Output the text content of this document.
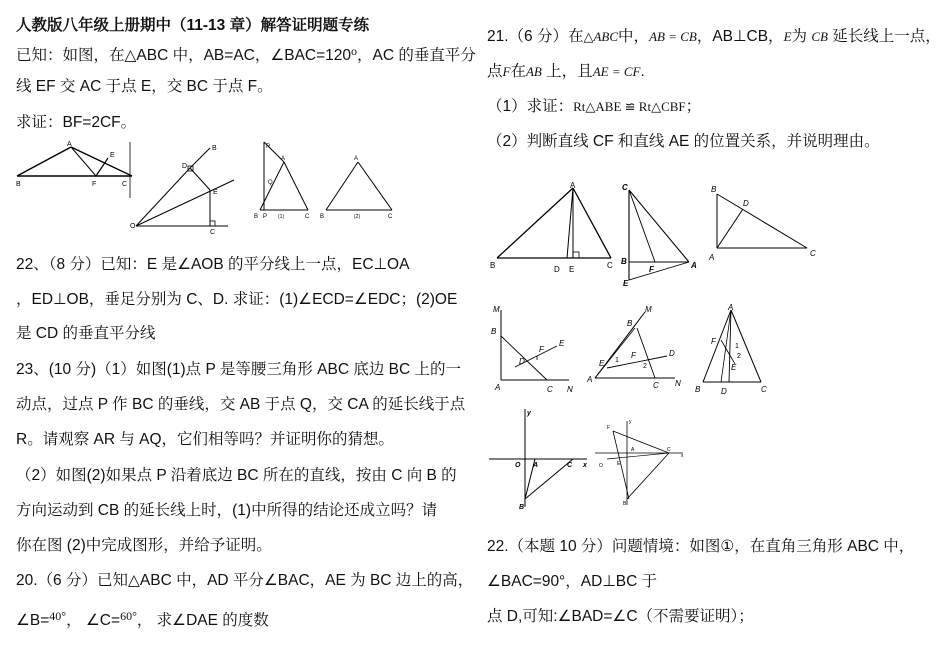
人教版八年级上册期中（11-13 章）解答证明题专练
已知：如图，在△ABC 中，AB=AC，$\angle BAC=120^o$，AC 的垂直平分
线 EF 交 AC 于点 E，交 BC 于点 F。
求证：BF=2CF。
A
B
E
F	C
B
D
E
O
C
R
A
Q
B P (1)	C
A
B	(2)	C
22、（8 分）已知：E 是∠AOB 的平分线上一点，EC⊥OA
，ED⊥OB，垂足分别为 C、D. 求证：(1)∠ECD=∠EDC；(2)OE
是 CD 的垂直平分线
23、(10 分)（1）如图(1)点 P 是等腰三角形 ABC 底边 BC 上的一
动点，过点 P 作 BC 的垂线，交 AB 于点 Q，交 CA 的延长线于点
R。请观察 AR 与 AQ，它们相等吗？并证明你的猜想。
（2）如图(2)如果点 P 沿着底边 BC 所在的直线，按由 C 向 B 的
方向运动到 CB 的延长线上时，(1)中所得的结论还成立吗？请
你在图 (2)中完成图形，并给予证明。
20.（6 分）已知△ABC 中，AD 平分∠BAC，AE 为 BC 边上的高，
∠B=$^{40^\circ}$， ∠C=$^{60^\circ}$， 求∠DAE 的度数
21.（6 分）在△ABC中，AB = CB，AB⊥CB，E为 CB 延长线上一点，
点F在AB 上，且AE = CF.
（1）求证：Rt△ABE ≌ Rt△CBF；
（2）判断直线 CF 和直线 AE 的位置关系，并说明理由。
A
B	D E	C
C
B
F	A
E
B
D
A	C
M
B
D
F
E
A	C N
M
B
E 1
F
2
D
A
C N
A
F
1
2
E
B	D	C
y
O A	C x
B
F
y
A
E
O
C
x
B
22.（本题 10 分）问题情境：如图①，在直角三角形 ABC 中，
∠BAC=90°，AD⊥BC 于
点 D,可知:∠BAD=∠C（不需要证明）；
